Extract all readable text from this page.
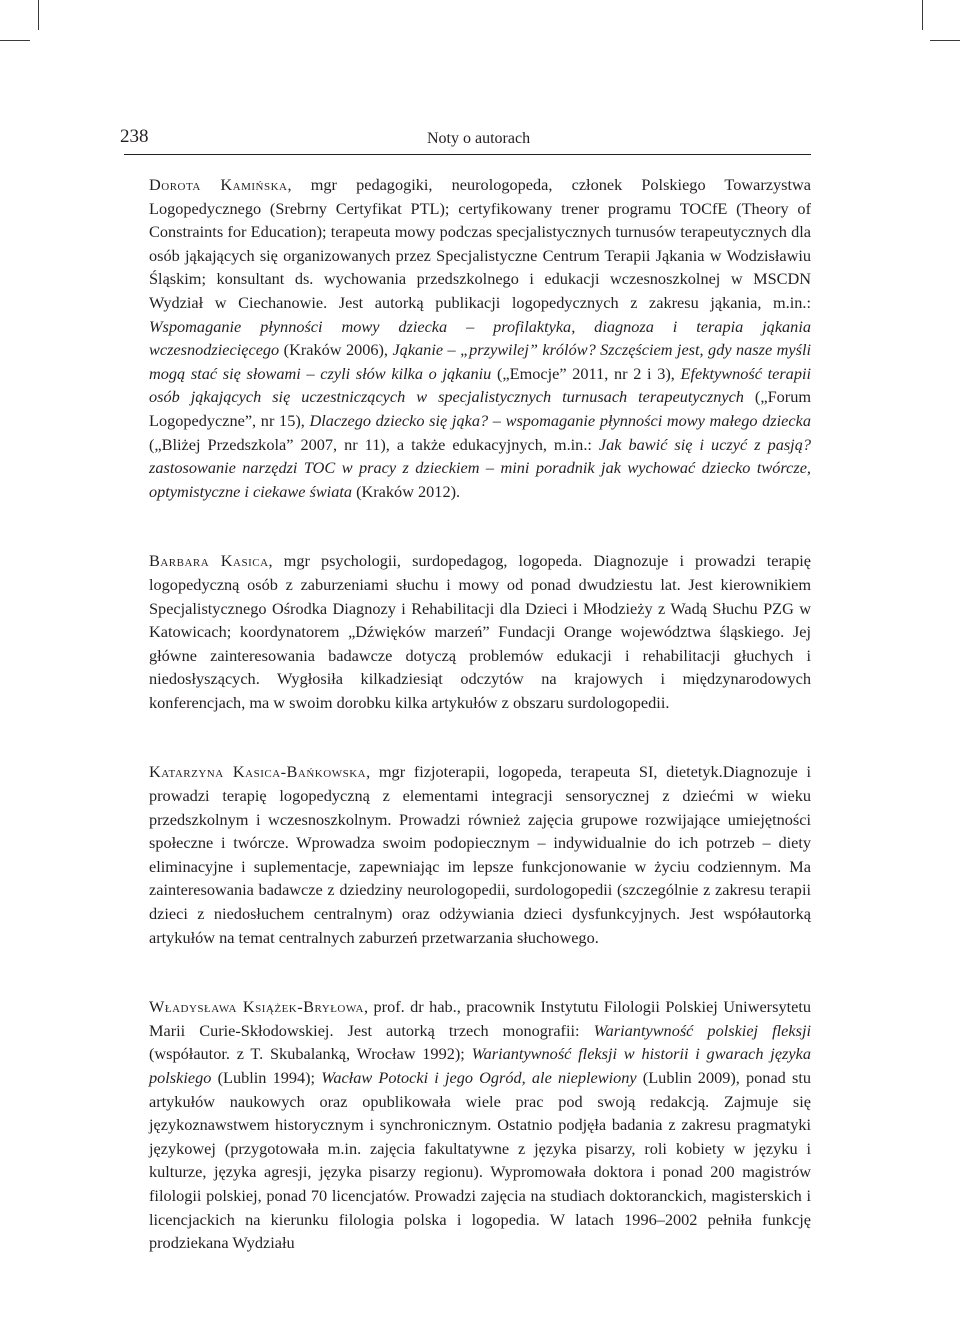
238	Noty o autorach

Dorota Kamińska, mgr pedagogiki, neurologopeda, członek Polskiego Towarzystwa Logopedycznego (Srebrny Certyfikat PTL); certyfikowany trener programu TOCfE (Theory of Constraints for Education); terapeuta mowy podczas specjalistycznych turnusów terapeutycznych dla osób jąkających się organizowanych przez Specjalistyczne Centrum Terapii Jąkania w Wodzisławiu Śląskim; konsultant ds. wychowania przedszkolnego i edukacji wczesnoszkolnej w MSCDN Wydział w Ciechanowie. Jest autorką publikacji logopedycznych z zakresu jąkania, m.in.: Wspomaganie płynności mowy dziecka – profilaktyka, diagnoza i terapia jąkania wczesnodziecięcego (Kraków 2006), Jąkanie – „przywilej” królów? Szczęściem jest, gdy nasze myśli mogą stać się słowami – czyli słów kilka o jąkaniu („Emocje” 2011, nr 2 i 3), Efektywność terapii osób jąkających się uczestniczących w specjalistycznych turnusach terapeutycznych („Forum Logopedyczne”, nr 15), Dlaczego dziecko się jąka? – wspomaganie płynności mowy małego dziecka („Bliżej Przedszkola” 2007, nr 11), a także edukacyjnych, m.in.: Jak bawić się i uczyć z pasją? zastosowanie narzędzi TOC w pracy z dzieckiem – mini poradnik jak wychować dziecko twórcze, optymistyczne i ciekawe świata (Kraków 2012).

Barbara Kasica, mgr psychologii, surdopedagog, logopeda. Diagnozuje i prowadzi terapię logopedyczną osób z zaburzeniami słuchu i mowy od ponad dwudziestu lat. Jest kierownikiem Specjalistycznego Ośrodka Diagnozy i Rehabilitacji dla Dzieci i Młodzieży z Wadą Słuchu PZG w Katowicach; koordynatorem „Dźwięków marzeń” Fundacji Orange województwa śląskiego. Jej główne zainteresowania badawcze dotyczą problemów edukacji i rehabilitacji głuchych i niedosłyszących. Wygłosiła kilkadziesiąt odczytów na krajowych i międzynarodowych konferencjach, ma w swoim dorobku kilka artykułów z obszaru surdologopedii.

Katarzyna Kasica-Bańkowska, mgr fizjoterapii, logopeda, terapeuta SI, dietetyk.Diagnozuje i prowadzi terapię logopedyczną z elementami integracji sensorycznej z dziećmi w wieku przedszkolnym i wczesnoszkolnym. Prowadzi również zajęcia grupowe rozwijające umiejętności społeczne i twórcze. Wprowadza swoim podopiecznym – indywidualnie do ich potrzeb – diety eliminacyjne i suplementacje, zapewniając im lepsze funkcjonowanie w życiu codziennym. Ma zainteresowania badawcze z dziedziny neurologopedii, surdologopedii (szczególnie z zakresu terapii dzieci z niedosłuchem centralnym) oraz odżywiania dzieci dysfunkcyjnych. Jest współautorką artykułów na temat centralnych zaburzeń przetwarzania słuchowego.

Władysława Książek-Bryłowa, prof. dr hab., pracownik Instytutu Filologii Polskiej Uniwersytetu Marii Curie-Skłodowskiej. Jest autorką trzech monografii: Wariantywność polskiej fleksji (współautor. z T. Skubalanką, Wrocław 1992); Wariantywność fleksji w historii i gwarach języka polskiego (Lublin 1994); Wacław Potocki i jego Ogród, ale nieplewiony (Lublin 2009), ponad stu artykułów naukowych oraz opublikowała wiele prac pod swoją redakcją. Zajmuje się językoznawstwem historycznym i synchronicznym. Ostatnio podjęła badania z zakresu pragmatyki językowej (przygotowała m.in. zajęcia fakultatywne z języka pisarzy, roli kobiety w języku i kulturze, języka agresji, języka pisarzy regionu). Wypromowała doktora i ponad 200 magistrów filologii polskiej, ponad 70 licencjatów. Prowadzi zajęcia na studiach doktoranckich, magisterskich i licencjackich na kierunku filologia polska i logopedia. W latach 1996–2002 pełniła funkcję prodziekana Wydziału
